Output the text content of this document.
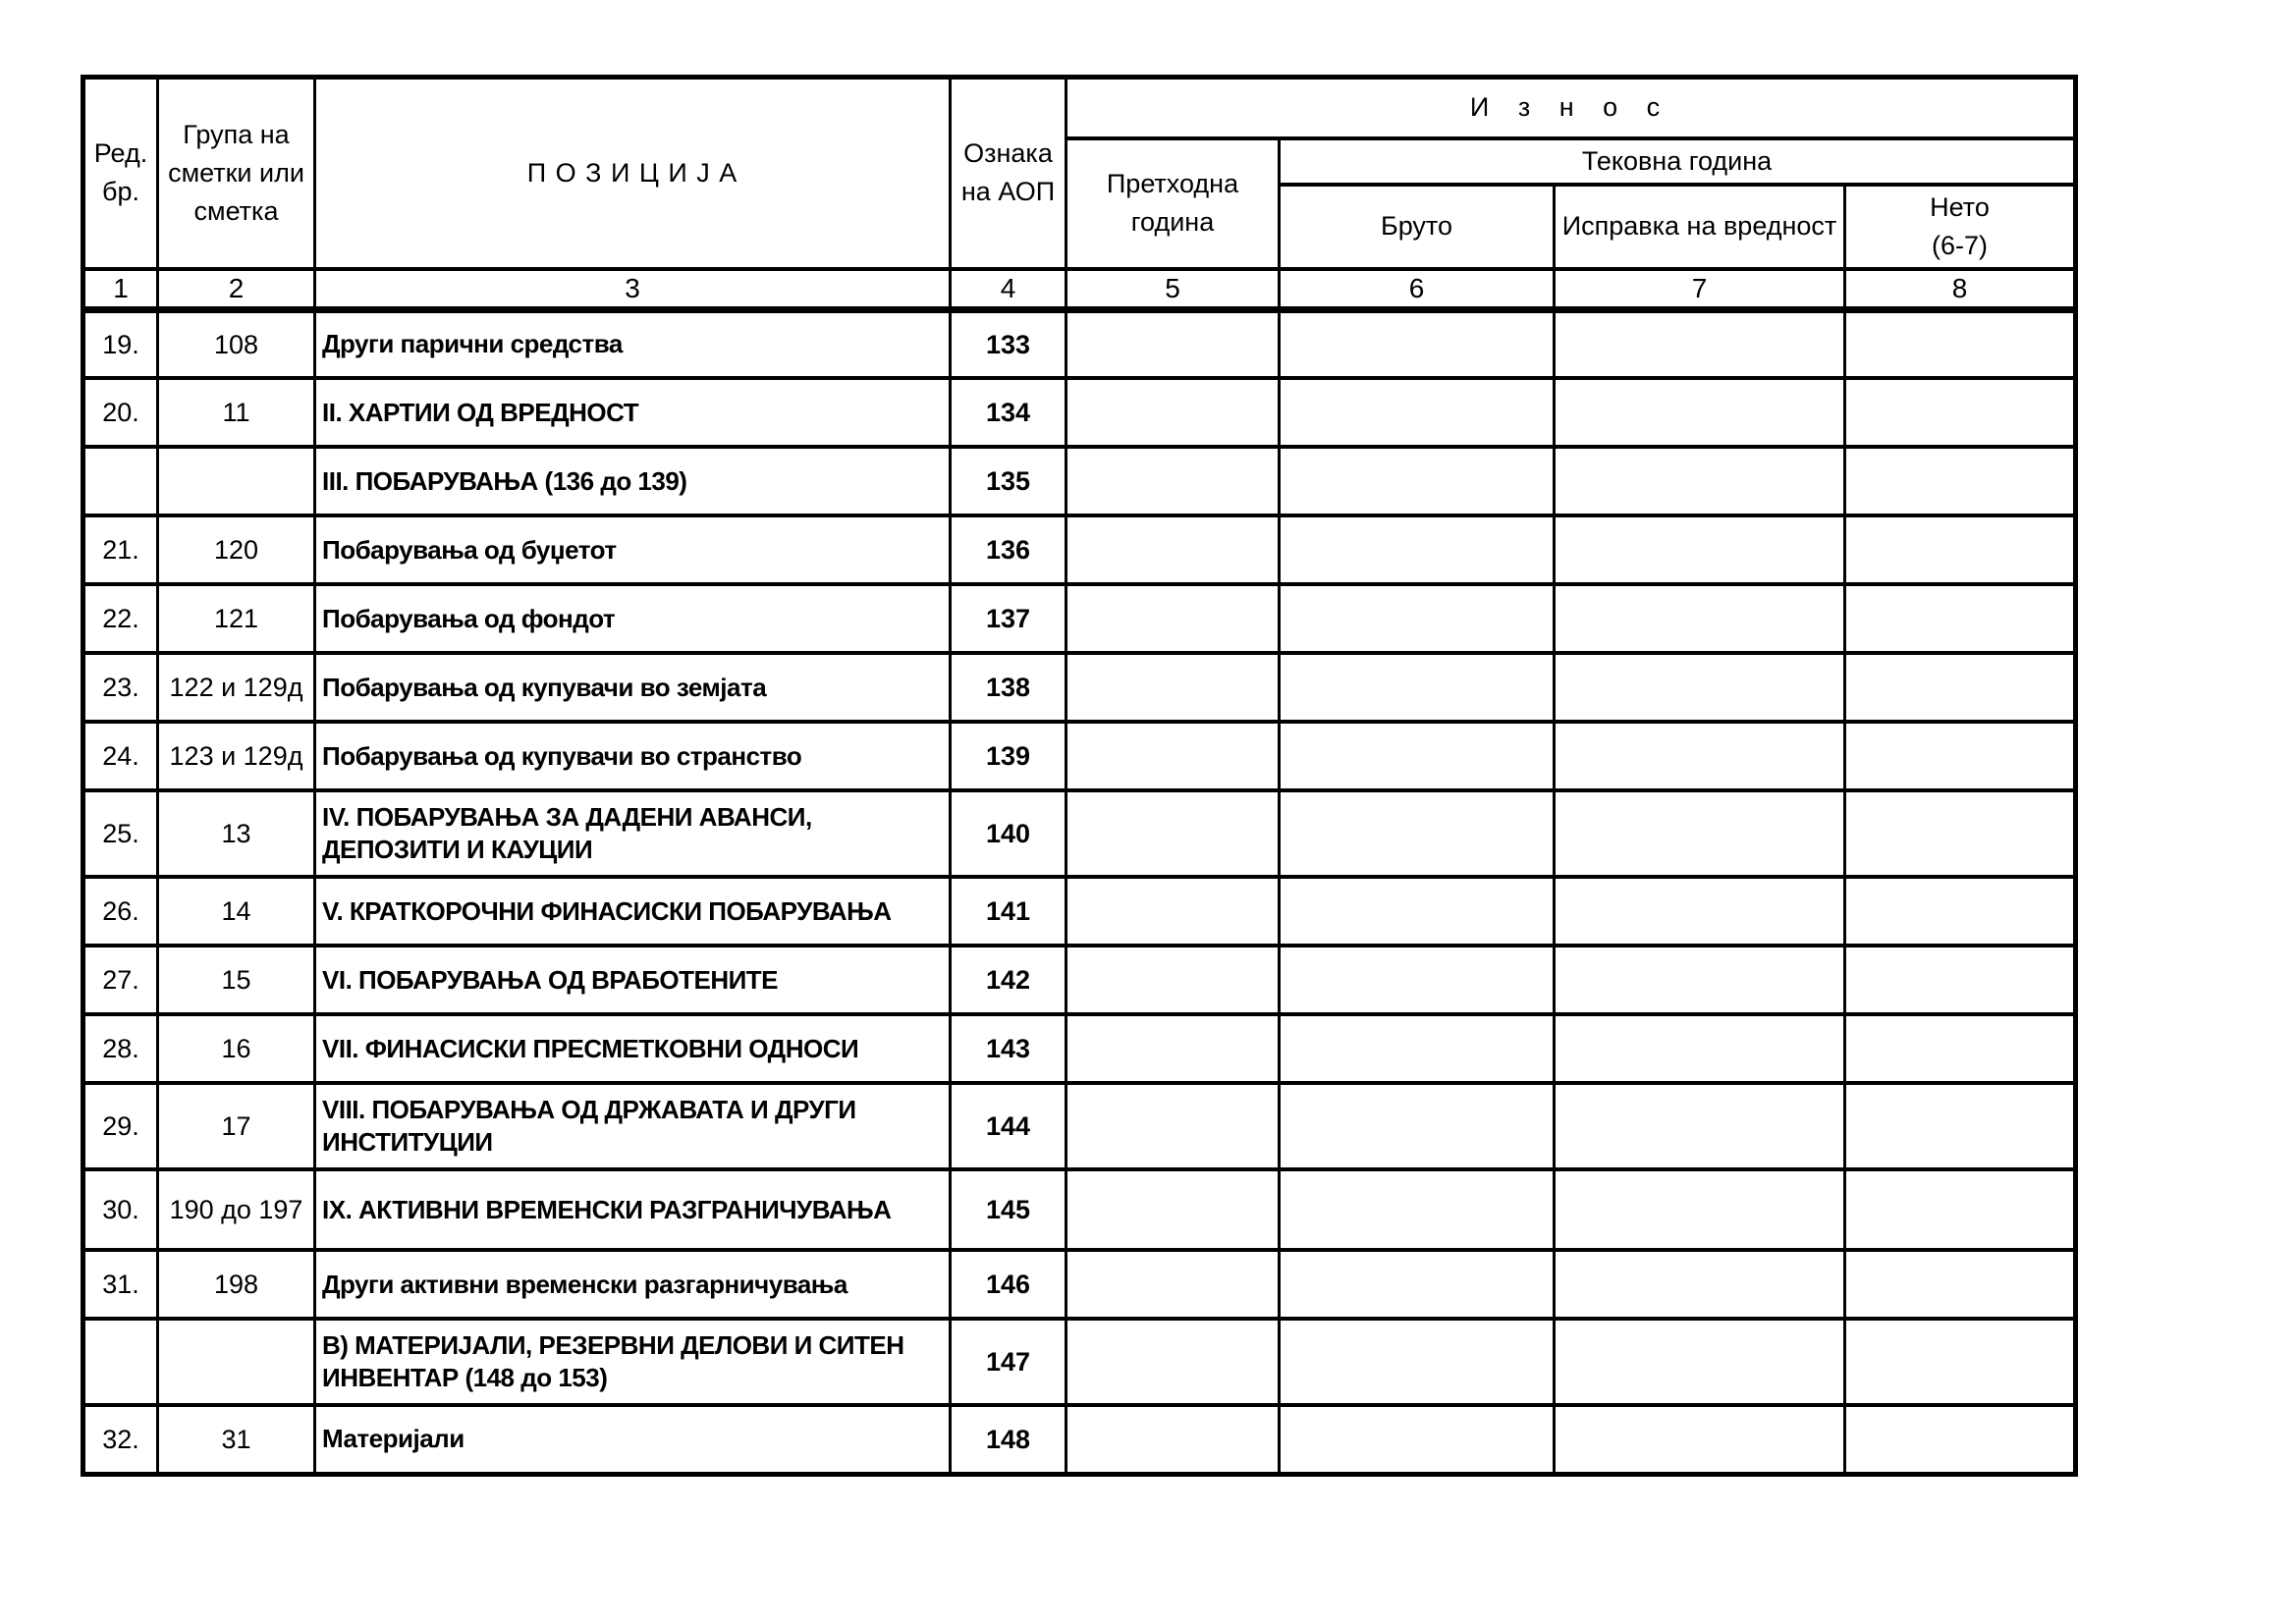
Ред. бр.	Група на сметки или сметка	П О З И Ц И Ј А	Ознака на АОП	И з н о с			
				Претходна година	Тековна година		
					Бруто	Исправка на вредност	Нето
(6-7)
1	2	3	4	5	6	7	8
19.	108	Други парични средства	133				
20.	11	II. ХАРТИИ ОД ВРЕДНОСТ	134				
		III. ПОБАРУВАЊА (136 до 139)	135				
21.	120	Побарувања од буџетот	136				
22.	121	Побарувања од фондот	137				
23.	122 и 129д	Побарувања од купувачи во земјата	138				
24.	123 и 129д	Побарувања од купувачи во странство	139				
25.	13	IV. ПОБАРУВАЊА ЗА ДАДЕНИ АВАНСИ, ДЕПОЗИТИ И КАУЦИИ	140				
26.	14	V. КРАТКОРОЧНИ ФИНАСИСКИ ПОБАРУВАЊА	141				
27.	15	VI. ПОБАРУВАЊА ОД ВРАБОТЕНИТЕ	142				
28.	16	VII. ФИНАСИСКИ ПРЕСМЕТКОВНИ ОДНОСИ	143				
29.	17	VIII. ПОБАРУВАЊА ОД ДРЖАВАТА И ДРУГИ ИНСТИТУЦИИ	144				
30.	190 до 197	IX. АКТИВНИ ВРЕМЕНСКИ РАЗГРАНИЧУВАЊА	145				
31.	198	Други активни временски разгарничувања	146				
		В) МАТЕРИЈАЛИ, РЕЗЕРВНИ ДЕЛОВИ И СИТЕН ИНВЕНТАР (148 до 153)	147				
32.	31	Материјали	148				
